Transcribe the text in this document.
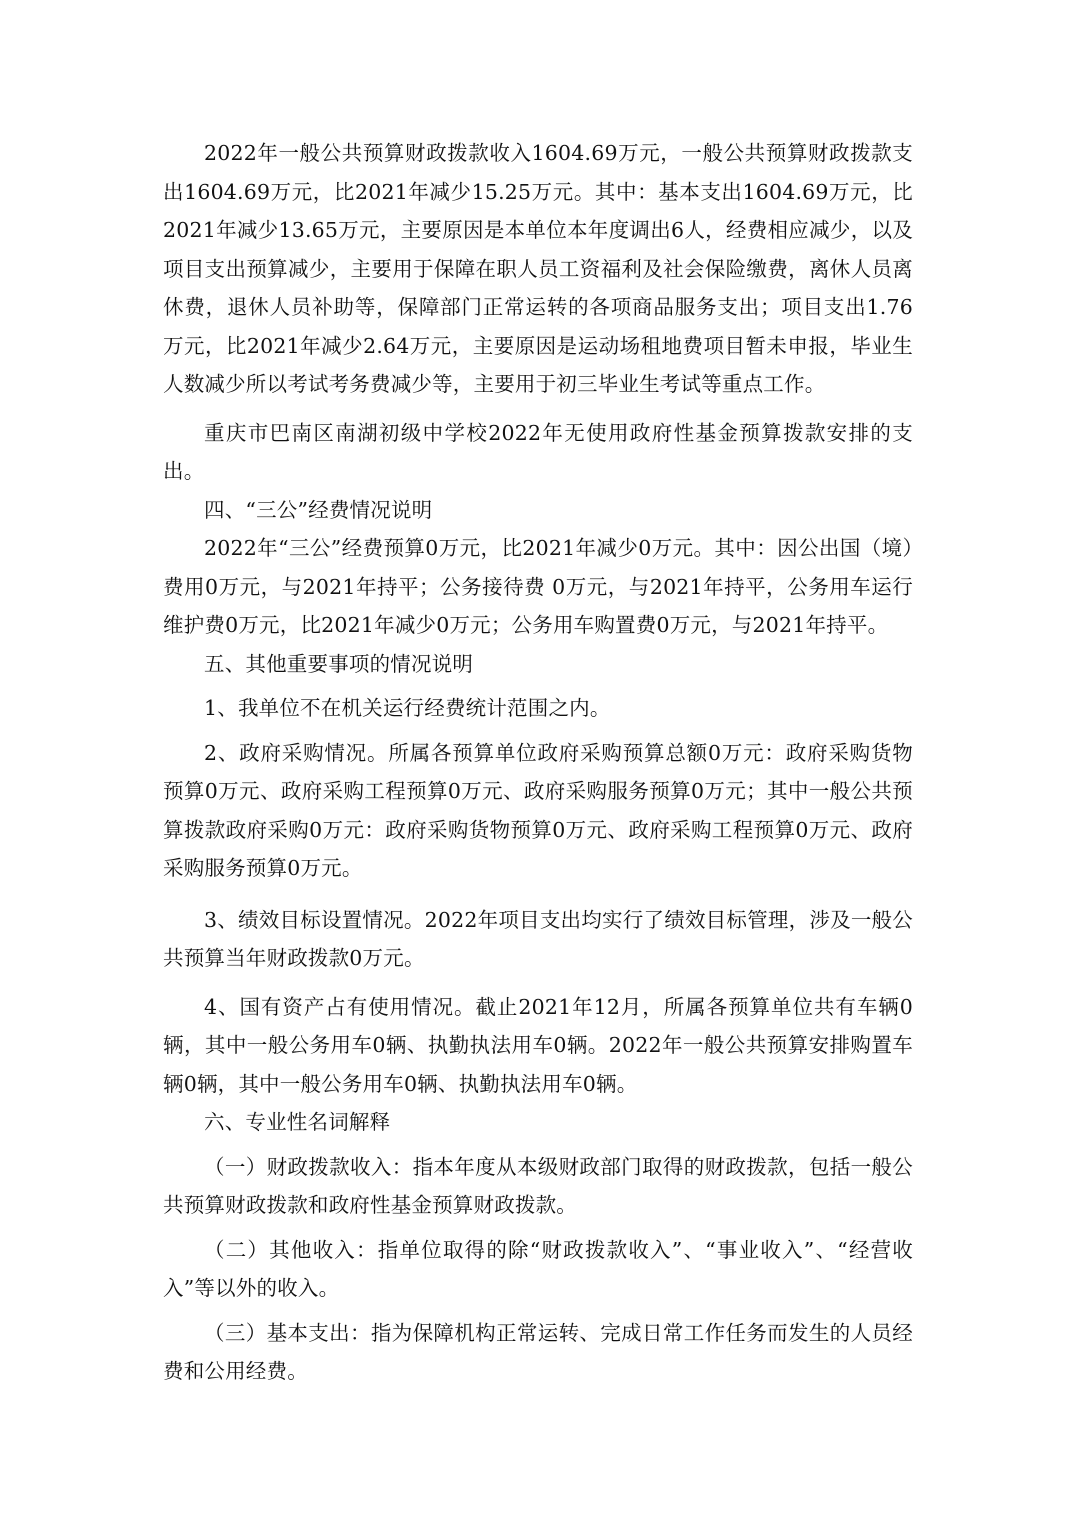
2022年一般公共预算财政拨款收入1604.69万元，一般公共预算财政拨款支出1604.69万元，比2021年减少15.25万元。其中：基本支出1604.69万元，比2021年减少13.65万元，主要原因是本单位本年度调出6人，经费相应减少，以及项目支出预算减少，主要用于保障在职人员工资福利及社会保险缴费，离休人员离休费，退休人员补助等，保障部门正常运转的各项商品服务支出；项目支出1.76万元，比2021年减少2.64万元，主要原因是运动场租地费项目暂未申报，毕业生人数减少所以考试考务费减少等，主要用于初三毕业生考试等重点工作。

重庆市巴南区南湖初级中学校2022年无使用政府性基金预算拨款安排的支出。

四、“三公”经费情况说明

2022年“三公”经费预算0万元，比2021年减少0万元。其中：因公出国（境）费用0万元，与2021年持平；公务接待费 0万元，与2021年持平，公务用车运行维护费0万元，比2021年减少0万元；公务用车购置费0万元，与2021年持平。

五、其他重要事项的情况说明

1、我单位不在机关运行经费统计范围之内。

2、政府采购情况。所属各预算单位政府采购预算总额0万元：政府采购货物预算0万元、政府采购工程预算0万元、政府采购服务预算0万元；其中一般公共预算拨款政府采购0万元：政府采购货物预算0万元、政府采购工程预算0万元、政府采购服务预算0万元。

3、绩效目标设置情况。2022年项目支出均实行了绩效目标管理，涉及一般公共预算当年财政拨款0万元。

4、国有资产占有使用情况。截止2021年12月，所属各预算单位共有车辆0辆，其中一般公务用车0辆、执勤执法用车0辆。2022年一般公共预算安排购置车辆0辆，其中一般公务用车0辆、执勤执法用车0辆。

六、专业性名词解释

（一）财政拨款收入：指本年度从本级财政部门取得的财政拨款，包括一般公共预算财政拨款和政府性基金预算财政拨款。

（二）其他收入：指单位取得的除“财政拨款收入”、“事业收入”、“经营收入”等以外的收入。

（三）基本支出：指为保障机构正常运转、完成日常工作任务而发生的人员经费和公用经费。
